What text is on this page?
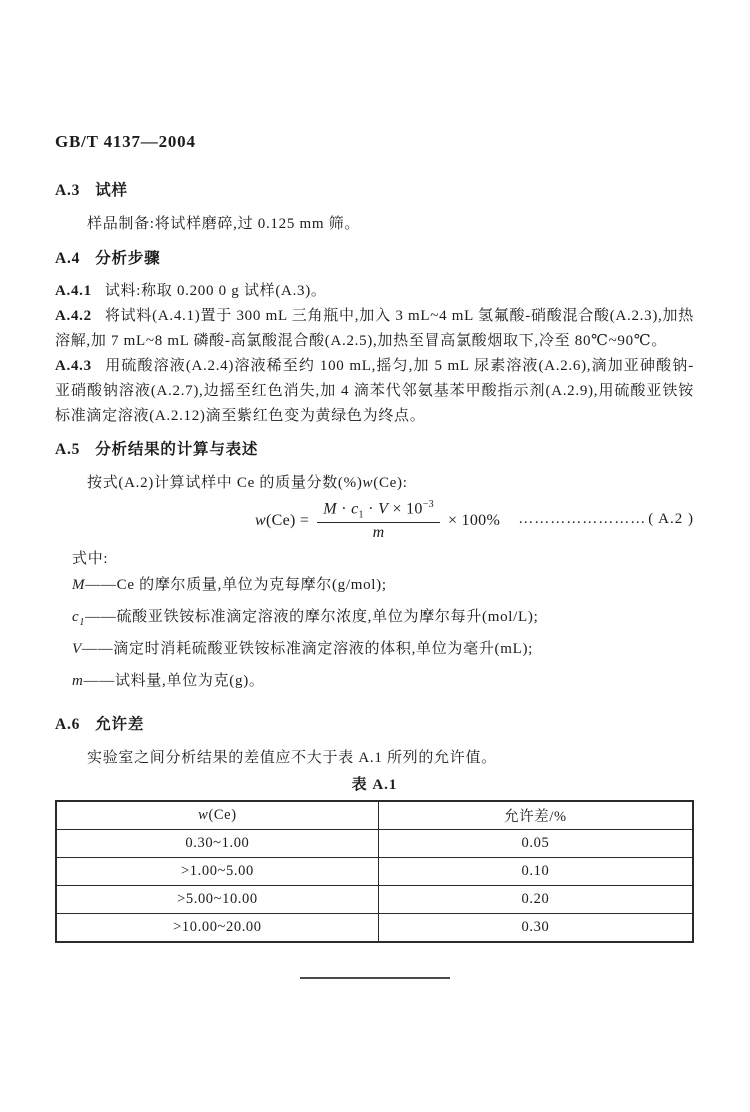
GB/T 4137—2004
A.3 试样

样品制备:将试样磨碎,过 0.125 mm 筛。

A.4 分析步骤

A.4.1 试料:称取 0.200 0 g 试样(A.3)。

A.4.2 将试料(A.4.1)置于 300 mL 三角瓶中,加入 3 mL~4 mL 氢氟酸-硝酸混合酸(A.2.3),加热溶解,加 7 mL~8 mL 磷酸-高氯酸混合酸(A.2.5),加热至冒高氯酸烟取下,冷至 80℃~90℃。

A.4.3 用硫酸溶液(A.2.4)溶液稀至约 100 mL,摇匀,加 5 mL 尿素溶液(A.2.6),滴加亚砷酸钠-亚硝酸钠溶液(A.2.7),边摇至红色消失,加 4 滴苯代邻氨基苯甲酸指示剂(A.2.9),用硫酸亚铁铵标准滴定溶液(A.2.12)滴至紫红色变为黄绿色为终点。

A.5 分析结果的计算与表述

按式(A.2)计算试样中 Ce 的质量分数(%)w(Ce):

$w(Ce) = \frac{M \cdot c_1 \cdot V \times 10^{-3}}{m} \times 100\%$ …………………… ( A.2 )

式中:

M——Ce 的摩尔质量,单位为克每摩尔(g/mol);
$c_1——$硫酸亚铁铵标准滴定溶液的摩尔浓度,单位为摩尔每升(mol/L);
V——滴定时消耗硫酸亚铁铵标准滴定溶液的体积,单位为毫升(mL);
m——试料量,单位为克(g)。
A.6 允许差

实验室之间分析结果的差值应不大于表 A.1 所列的允许值。

表 A.1
w(Ce)	允许差/%
0.30~1.00	0.05
>1.00~5.00	0.10
>5.00~10.00	0.20
>10.00~20.00	0.30
